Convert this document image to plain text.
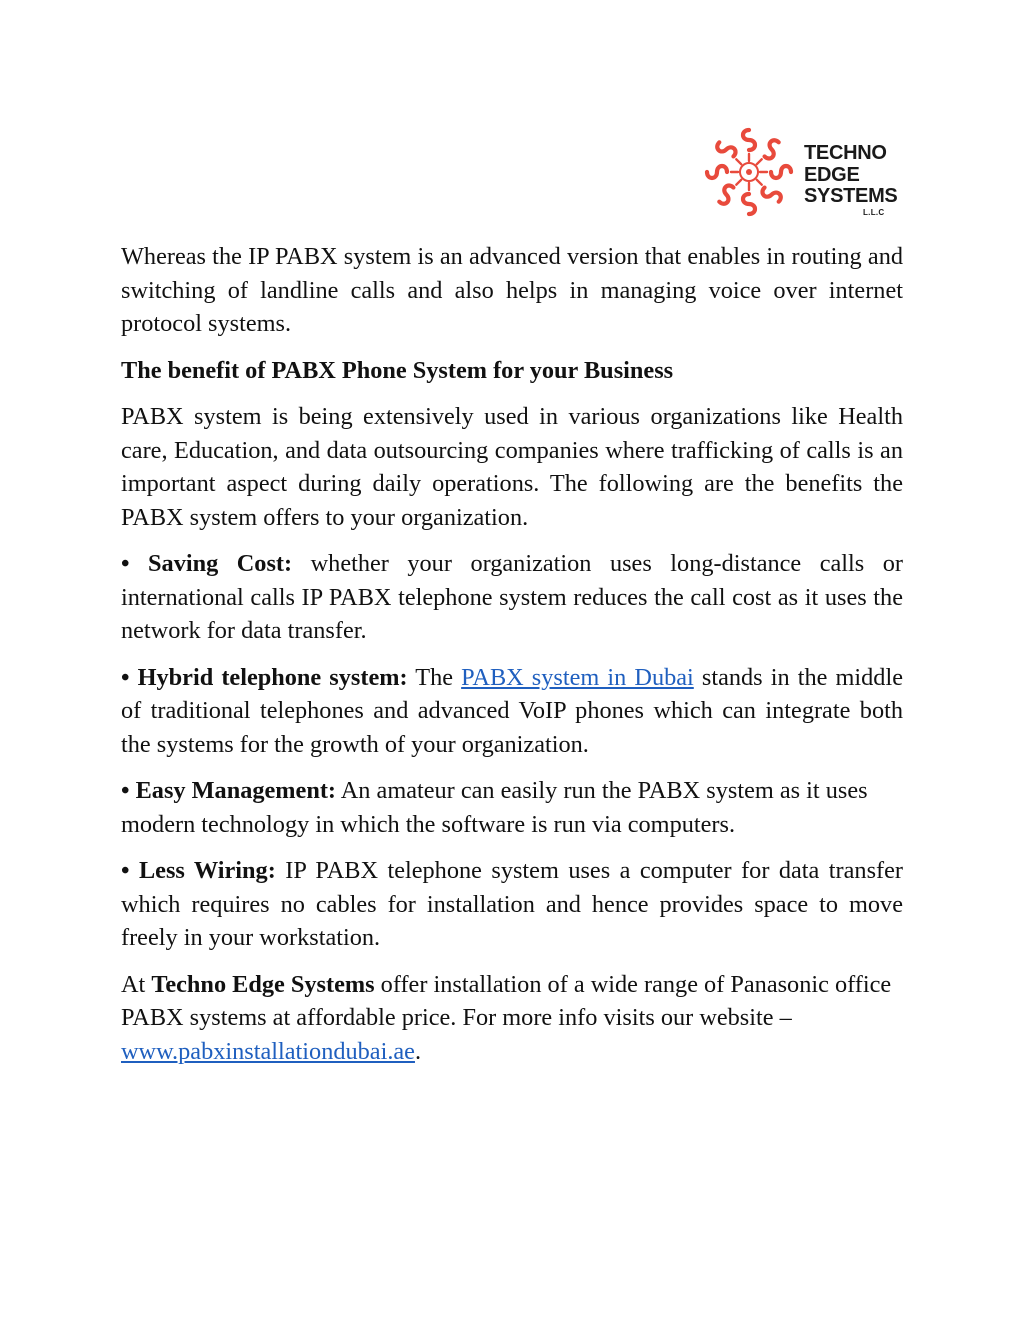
TECHNO
EDGE
SYSTEMS
L.L.C

Whereas the IP PABX system is an advanced version that enables in routing and switching of landline calls and also helps in managing voice over internet protocol systems.

The benefit of PABX Phone System for your Business

PABX system is being extensively used in various organizations like Health care, Education, and data outsourcing companies where trafficking of calls is an important aspect during daily operations. The following are the benefits the PABX system offers to your organization.

• Saving Cost: whether your organization uses long-distance calls or international calls IP PABX telephone system reduces the call cost as it uses the network for data transfer.

• Hybrid telephone system: The PABX system in Dubai stands in the middle of traditional telephones and advanced VoIP phones which can integrate both the systems for the growth of your organization.

• Easy Management: An amateur can easily run the PABX system as it uses modern technology in which the software is run via computers.

• Less Wiring: IP PABX telephone system uses a computer for data transfer which requires no cables for installation and hence provides space to move freely in your workstation.

At Techno Edge Systems offer installation of a wide range of Panasonic office PABX systems at affordable price. For more info visits our website – www.pabxinstallationdubai.ae.
